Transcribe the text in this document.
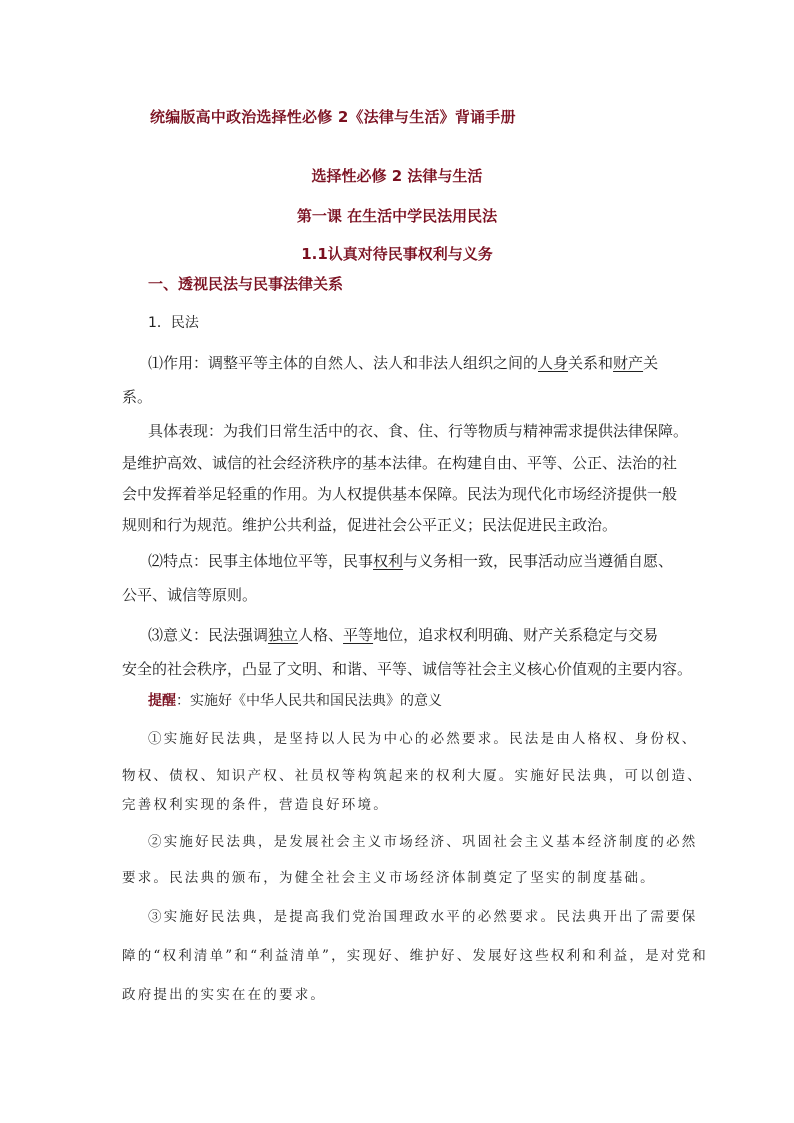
统编版高中政治选择性必修 2《法律与生活》背诵手册
选择性必修 2 法律与生活
第一课 在生活中学民法用民法
1.1认真对待民事权利与义务
一、透视民法与民事法律关系
1．民法
⑴作用：调整平等主体的自然人、法人和非法人组织之间的人身关系和财产关
系。
具体表现：为我们日常生活中的衣、食、住、行等物质与精神需求提供法律保障。
是维护高效、诚信的社会经济秩序的基本法律。在构建自由、平等、公正、法治的社
会中发挥着举足轻重的作用。为人权提供基本保障。民法为现代化市场经济提供一般
规则和行为规范。维护公共利益，促进社会公平正义；民法促进民主政治。
⑵特点：民事主体地位平等，民事权利与义务相一致，民事活动应当遵循自愿、
公平、诚信等原则。
⑶意义：民法强调独立人格、平等地位，追求权利明确、财产关系稳定与交易
安全的社会秩序，凸显了文明、和谐、平等、诚信等社会主义核心价值观的主要内容。
提醒：实施好《中华人民共和国民法典》的意义
①实施好民法典，是坚持以人民为中心的必然要求。民法是由人格权、身份权、
物权、债权、知识产权、社员权等构筑起来的权利大厦。实施好民法典，可以创造、
完善权利实现的条件，营造良好环境。
②实施好民法典，是发展社会主义市场经济、巩固社会主义基本经济制度的必然
要求。民法典的颁布，为健全社会主义市场经济体制奠定了坚实的制度基础。
③实施好民法典，是提高我们党治国理政水平的必然要求。民法典开出了需要保
障的“权利清单”和“利益清单”，实现好、维护好、发展好这些权利和利益，是对党和
政府提出的实实在在的要求。
